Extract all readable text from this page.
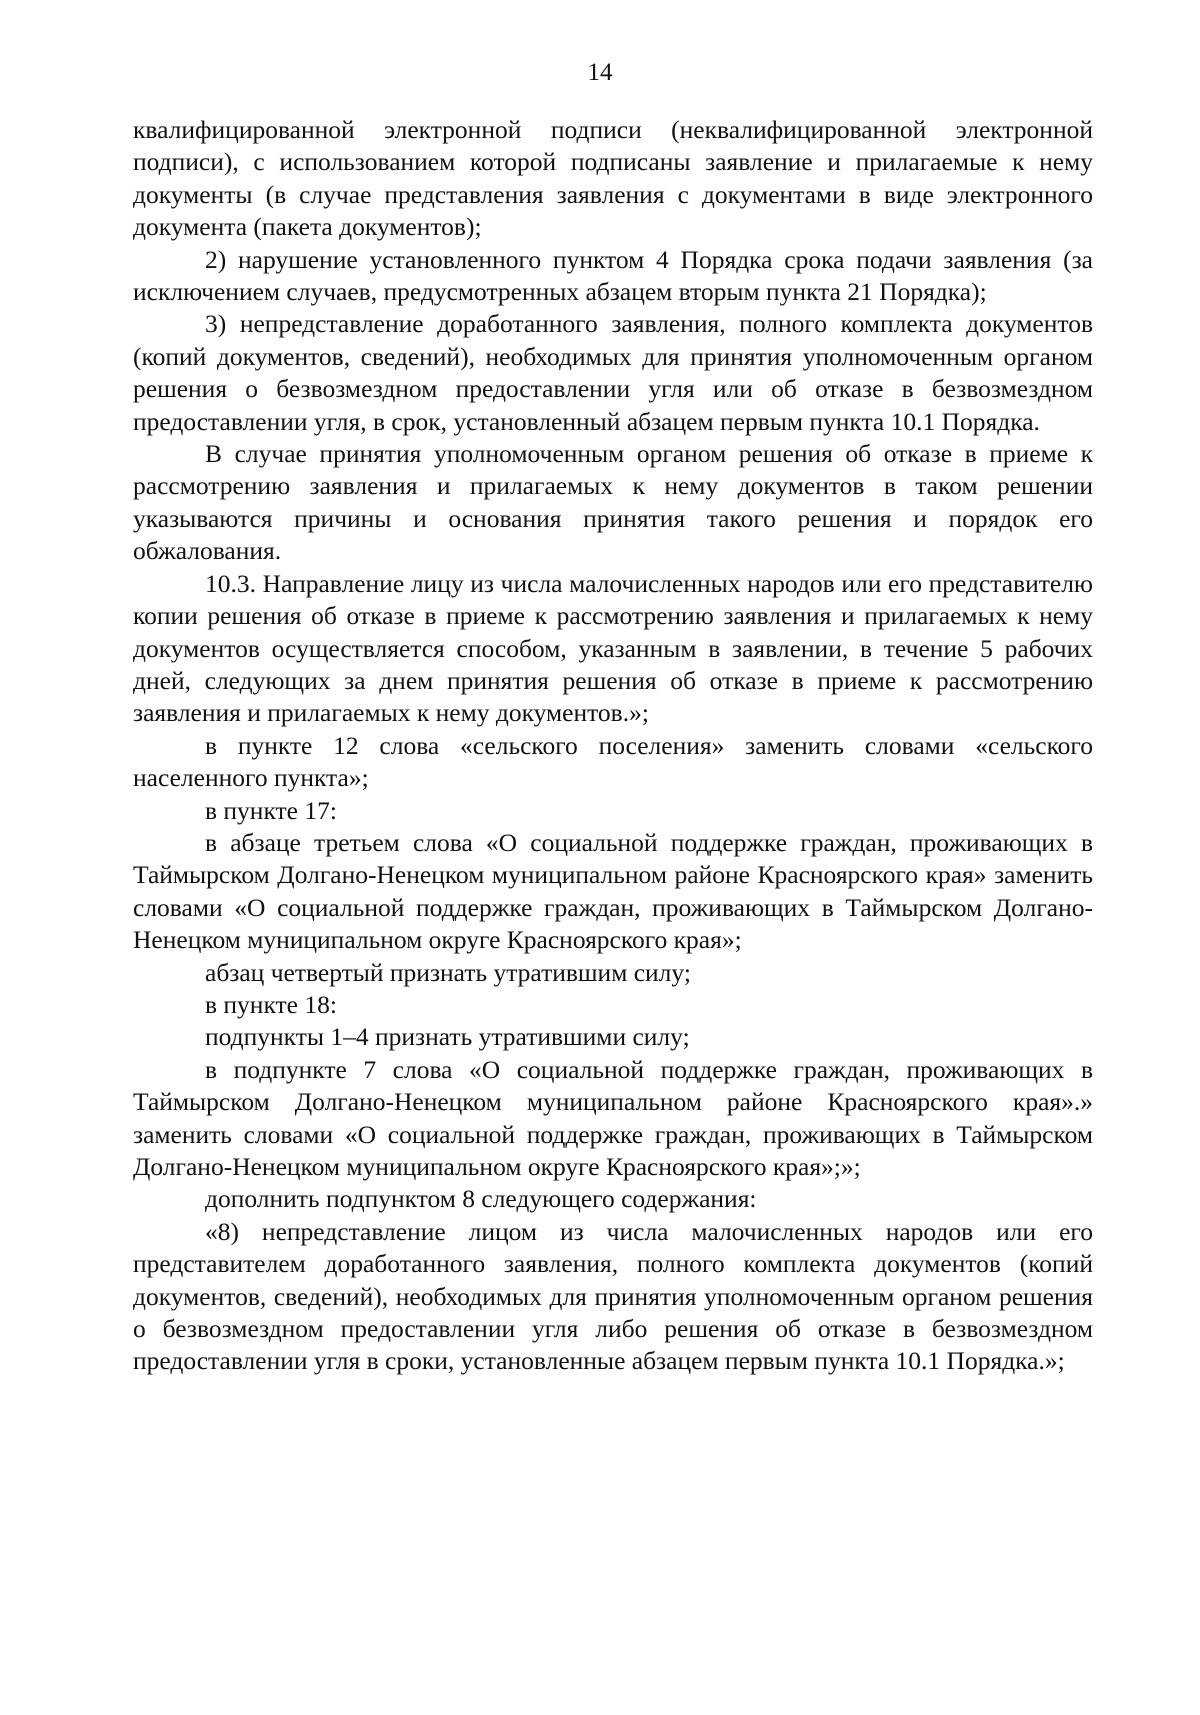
14

квалифицированной электронной подписи (неквалифицированной электронной подписи), с использованием которой подписаны заявление и прилагаемые к нему документы (в случае представления заявления с документами в виде электронного документа (пакета документов);

2) нарушение установленного пунктом 4 Порядка срока подачи заявления (за исключением случаев, предусмотренных абзацем вторым пункта 21 Порядка);

3) непредставление доработанного заявления, полного комплекта документов (копий документов, сведений), необходимых для принятия уполномоченным органом решения о безвозмездном предоставлении угля или об отказе в безвозмездном предоставлении угля, в срок, установленный абзацем первым пункта 10.1 Порядка.

В случае принятия уполномоченным органом решения об отказе в приеме к рассмотрению заявления и прилагаемых к нему документов в таком решении указываются причины и основания принятия такого решения и порядок его обжалования.

10.3. Направление лицу из числа малочисленных народов или его представителю копии решения об отказе в приеме к рассмотрению заявления и прилагаемых к нему документов осуществляется способом, указанным в заявлении, в течение 5 рабочих дней, следующих за днем принятия решения об отказе в приеме к рассмотрению заявления и прилагаемых к нему документов.»;

в пункте 12 слова «сельского поселения» заменить словами «сельского населенного пункта»;

в пункте 17:

в абзаце третьем слова «О социальной поддержке граждан, проживающих в Таймырском Долгано-Ненецком муниципальном районе Красноярского края» заменить словами «О социальной поддержке граждан, проживающих в Таймырском Долгано-Ненецком муниципальном округе Красноярского края»;

абзац четвертый признать утратившим силу;

в пункте 18:

подпункты 1–4 признать утратившими силу;

в подпункте 7 слова «О социальной поддержке граждан, проживающих в Таймырском Долгано-Ненецком муниципальном районе Красноярского края».» заменить словами «О социальной поддержке граждан, проживающих в Таймырском Долгано-Ненецком муниципальном округе Красноярского края»;»;

дополнить подпунктом 8 следующего содержания:

«8) непредставление лицом из числа малочисленных народов или его представителем доработанного заявления, полного комплекта документов (копий документов, сведений), необходимых для принятия уполномоченным органом решения о безвозмездном предоставлении угля либо решения об отказе в безвозмездном предоставлении угля в сроки, установленные абзацем первым пункта 10.1 Порядка.»;
